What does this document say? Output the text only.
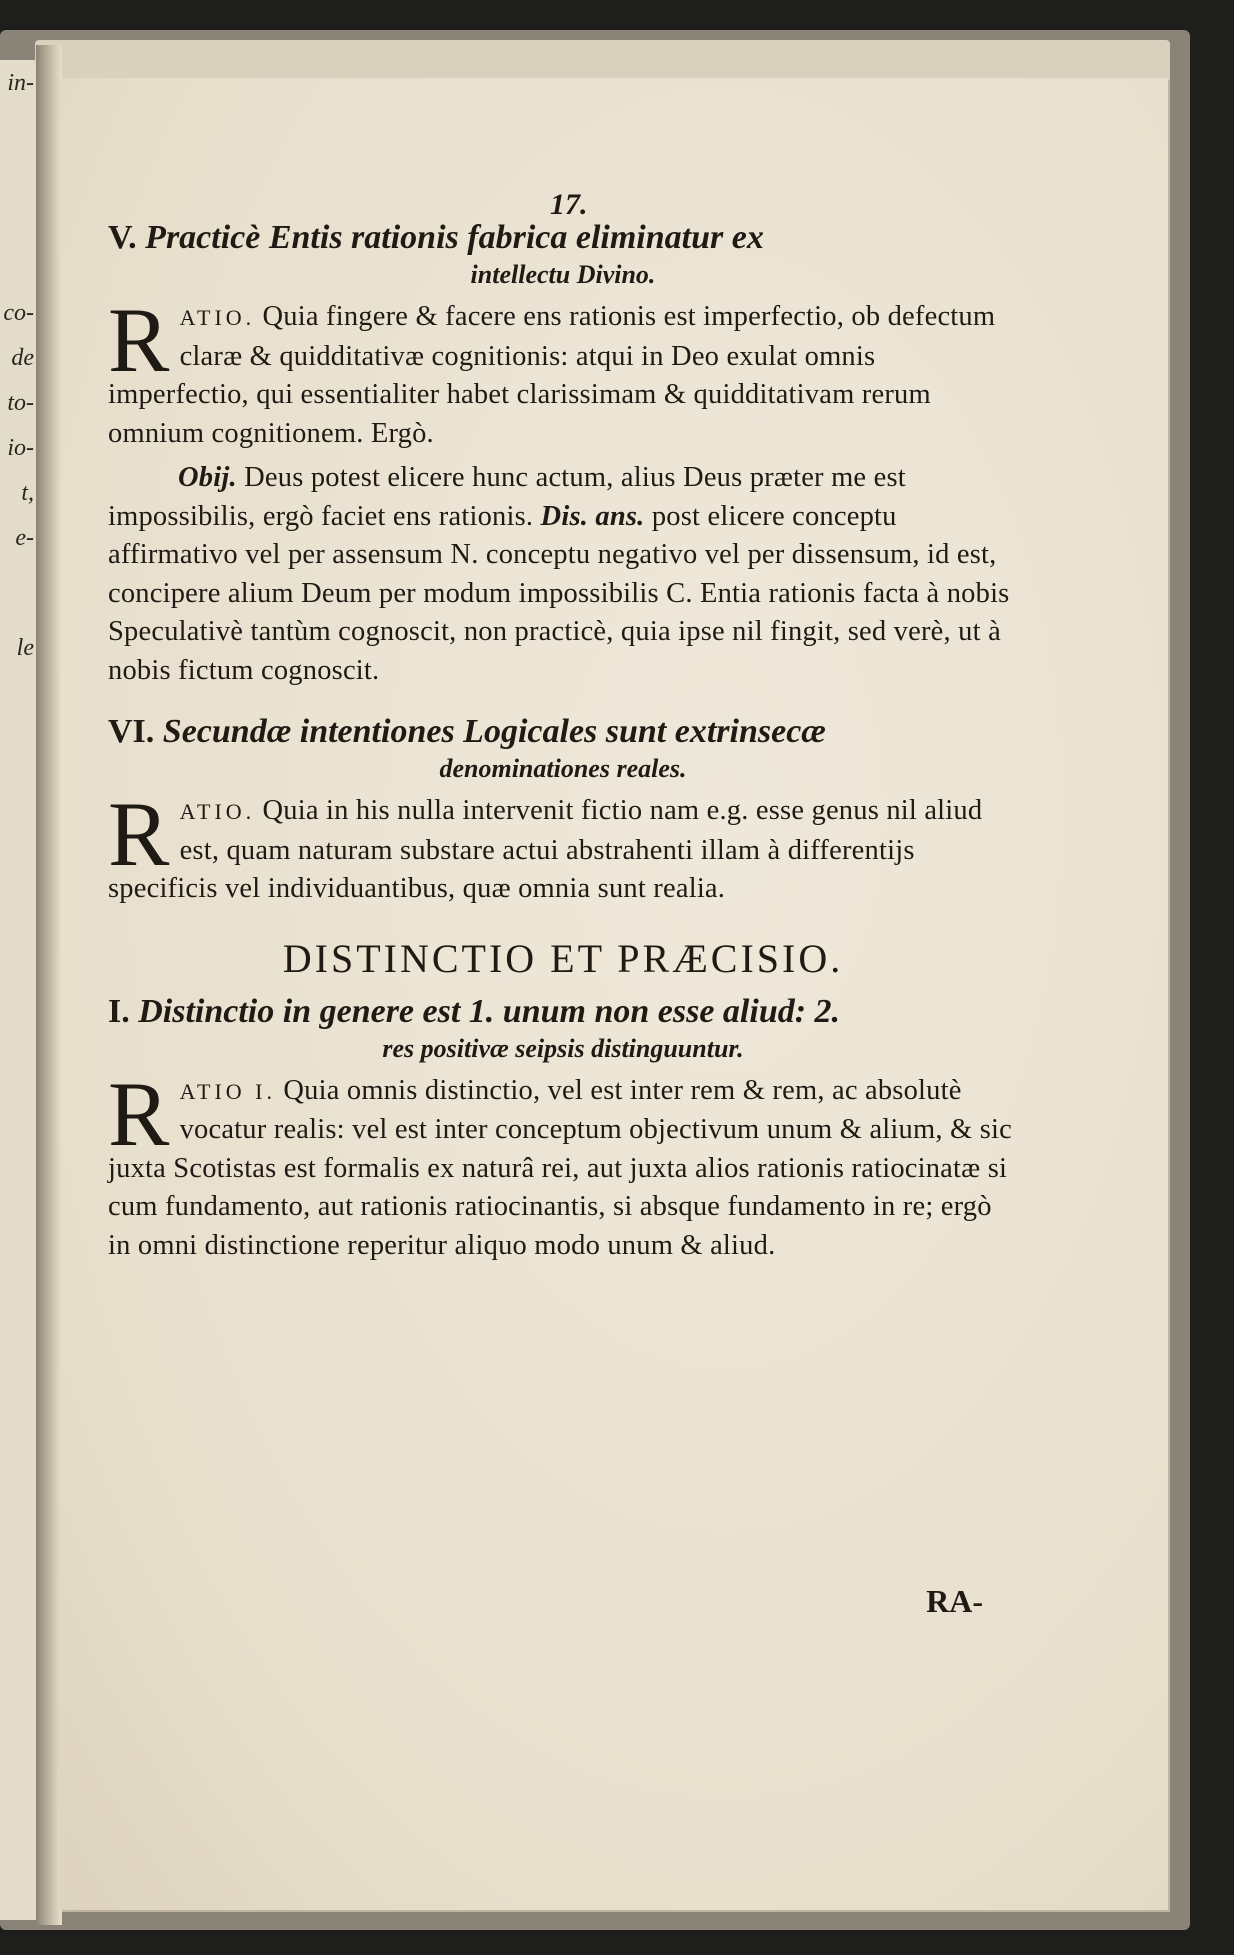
in-
co-
de
to-
io-
t,
e-
le
17.

V. Practicè Entis rationis fabrica eliminatur ex
intellectu Divino.

RATIO. Quia fingere & facere ens rationis est imperfectio, ob defectum claræ & quidditativæ cognitionis: atqui in Deo exulat omnis imperfectio, qui essentialiter habet clarissimam & quidditativam rerum omnium cognitionem. Ergò.

Obij. Deus potest elicere hunc actum, alius Deus præter me est impossibilis, ergò faciet ens rationis. Dis. ans. post elicere conceptu affirmativo vel per assensum N. conceptu negativo vel per dissensum, id est, concipere alium Deum per modum impossibilis C. Entia rationis facta à nobis Speculativè tantùm cognoscit, non practicè, quia ipse nil fingit, sed verè, ut à nobis fictum cognoscit.

VI. Secundæ intentiones Logicales sunt extrinsecæ
denominationes reales.

RATIO. Quia in his nulla intervenit fictio nam e.g. esse genus nil aliud est, quam naturam substare actui abstrahenti illam à differentijs specificis vel individuantibus, quæ omnia sunt realia.

DISTINCTIO ET PRÆCISIO.

I. Distinctio in genere est 1. unum non esse aliud: 2.
res positivæ seipsis distinguuntur.

RATIO I. Quia omnis distinctio, vel est inter rem & rem, ac absolutè vocatur realis: vel est inter conceptum objectivum unum & alium, & sic juxta Scotistas est formalis ex naturâ rei, aut juxta alios rationis ratiocinatæ si cum fundamento, aut rationis ratiocinantis, si absque fundamento in re; ergò in omni distinctione reperitur aliquo modo unum & aliud.

RA-
